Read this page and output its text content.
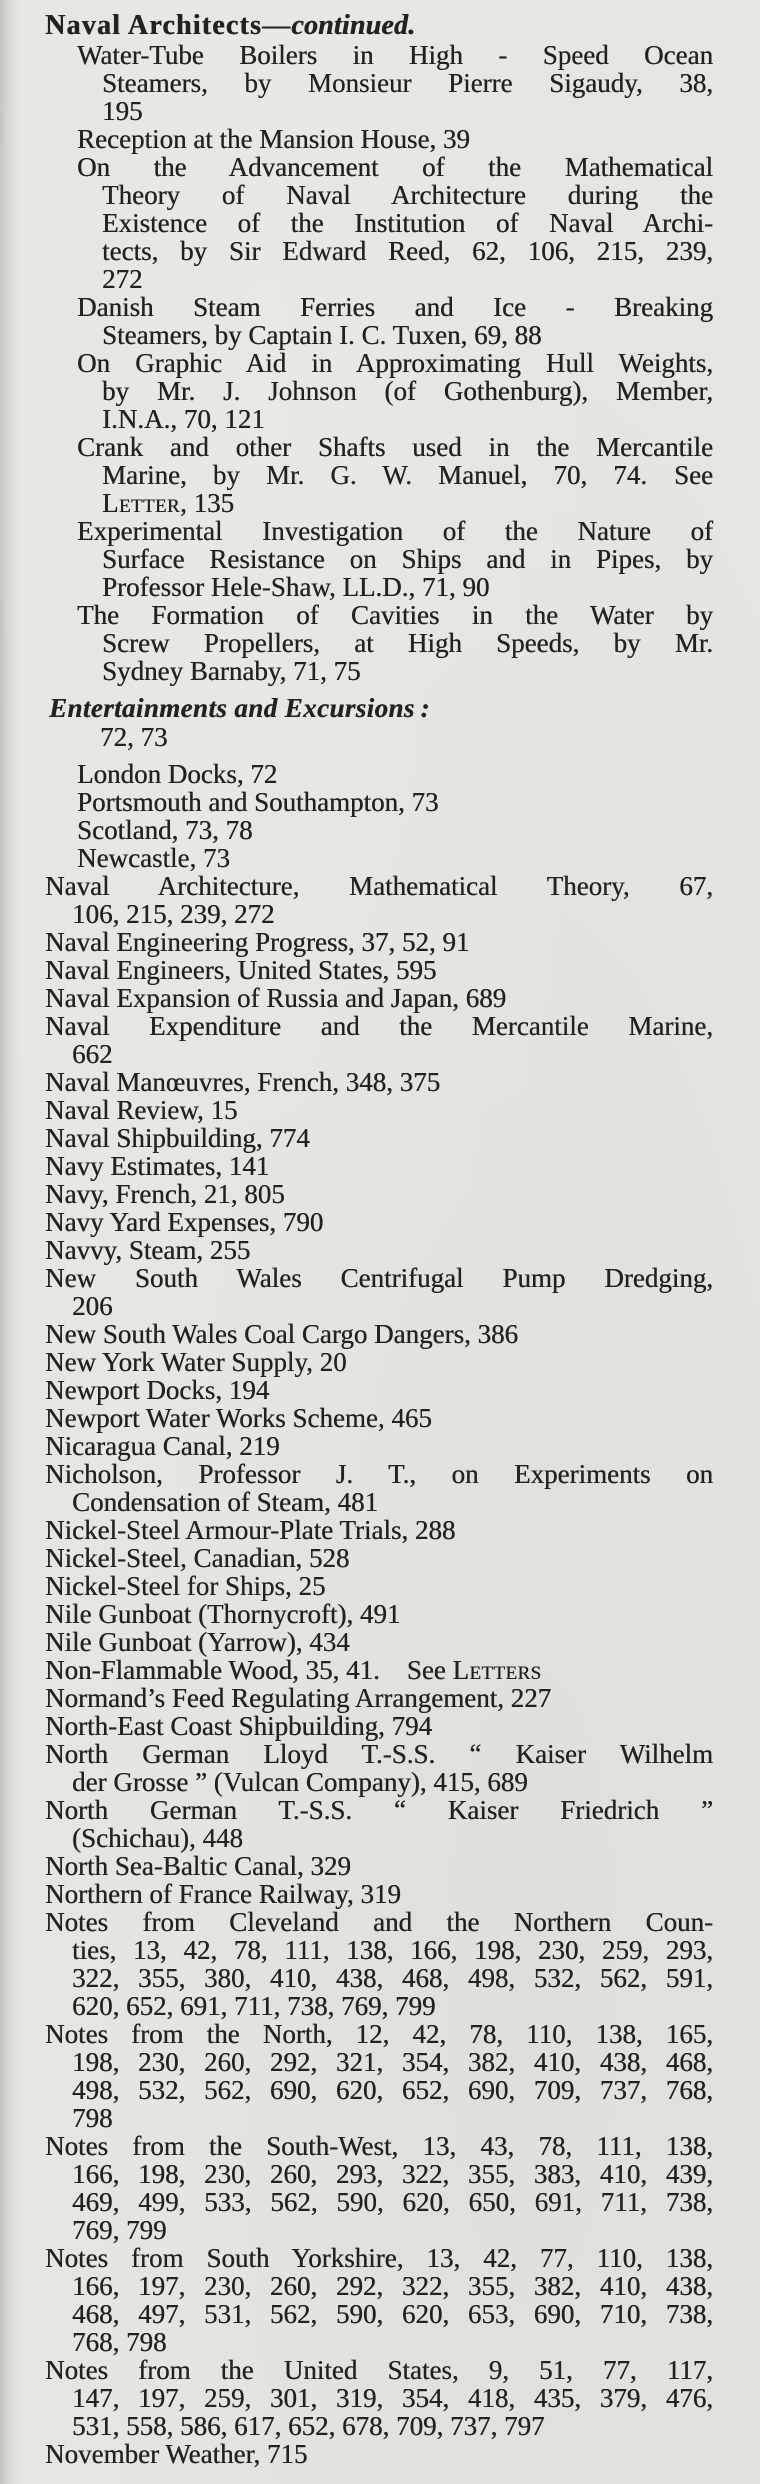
Naval Architects—continued.
Water-Tube Boilers in High - Speed Ocean
Steamers, by Monsieur Pierre Sigaudy, 38,
195
Reception at the Mansion House, 39
On the Advancement of the Mathematical
Theory of Naval Architecture during the
Existence of the Institution of Naval Archi-
tects, by Sir Edward Reed, 62, 106, 215, 239,
272
Danish Steam Ferries and Ice - Breaking
Steamers, by Captain I. C. Tuxen, 69, 88
On Graphic Aid in Approximating Hull Weights,
by Mr. J. Johnson (of Gothenburg), Member,
I.N.A., 70, 121
Crank and other Shafts used in the Mercantile
Marine, by Mr. G. W. Manuel, 70, 74. See
Letter, 135
Experimental Investigation of the Nature of
Surface Resistance on Ships and in Pipes, by
Professor Hele-Shaw, LL.D., 71, 90
The Formation of Cavities in the Water by
Screw Propellers, at High Speeds, by Mr.
Sydney Barnaby, 71, 75
Entertainments and Excursions :
72, 73
London Docks, 72
Portsmouth and Southampton, 73
Scotland, 73, 78
Newcastle, 73
Naval Architecture, Mathematical Theory, 67,
106, 215, 239, 272
Naval Engineering Progress, 37, 52, 91
Naval Engineers, United States, 595
Naval Expansion of Russia and Japan, 689
Naval Expenditure and the Mercantile Marine,
662
Naval Manœuvres, French, 348, 375
Naval Review, 15
Naval Shipbuilding, 774
Navy Estimates, 141
Navy, French, 21, 805
Navy Yard Expenses, 790
Navvy, Steam, 255
New South Wales Centrifugal Pump Dredging,
206
New South Wales Coal Cargo Dangers, 386
New York Water Supply, 20
Newport Docks, 194
Newport Water Works Scheme, 465
Nicaragua Canal, 219
Nicholson, Professor J. T., on Experiments on
Condensation of Steam, 481
Nickel-Steel Armour-Plate Trials, 288
Nickel-Steel, Canadian, 528
Nickel-Steel for Ships, 25
Nile Gunboat (Thornycroft), 491
Nile Gunboat (Yarrow), 434
Non-Flammable Wood, 35, 41. See Letters
Normand’s Feed Regulating Arrangement, 227
North-East Coast Shipbuilding, 794
North German Lloyd T.-S.S. “ Kaiser Wilhelm
der Grosse ” (Vulcan Company), 415, 689
North German T.-S.S. “ Kaiser Friedrich ”
(Schichau), 448
North Sea-Baltic Canal, 329
Northern of France Railway, 319
Notes from Cleveland and the Northern Coun-
ties, 13, 42, 78, 111, 138, 166, 198, 230, 259, 293,
322, 355, 380, 410, 438, 468, 498, 532, 562, 591,
620, 652, 691, 711, 738, 769, 799
Notes from the North, 12, 42, 78, 110, 138, 165,
198, 230, 260, 292, 321, 354, 382, 410, 438, 468,
498, 532, 562, 690, 620, 652, 690, 709, 737, 768,
798
Notes from the South-West, 13, 43, 78, 111, 138,
166, 198, 230, 260, 293, 322, 355, 383, 410, 439,
469, 499, 533, 562, 590, 620, 650, 691, 711, 738,
769, 799
Notes from South Yorkshire, 13, 42, 77, 110, 138,
166, 197, 230, 260, 292, 322, 355, 382, 410, 438,
468, 497, 531, 562, 590, 620, 653, 690, 710, 738,
768, 798
Notes from the United States, 9, 51, 77, 117,
147, 197, 259, 301, 319, 354, 418, 435, 379, 476,
531, 558, 586, 617, 652, 678, 709, 737, 797
November Weather, 715
